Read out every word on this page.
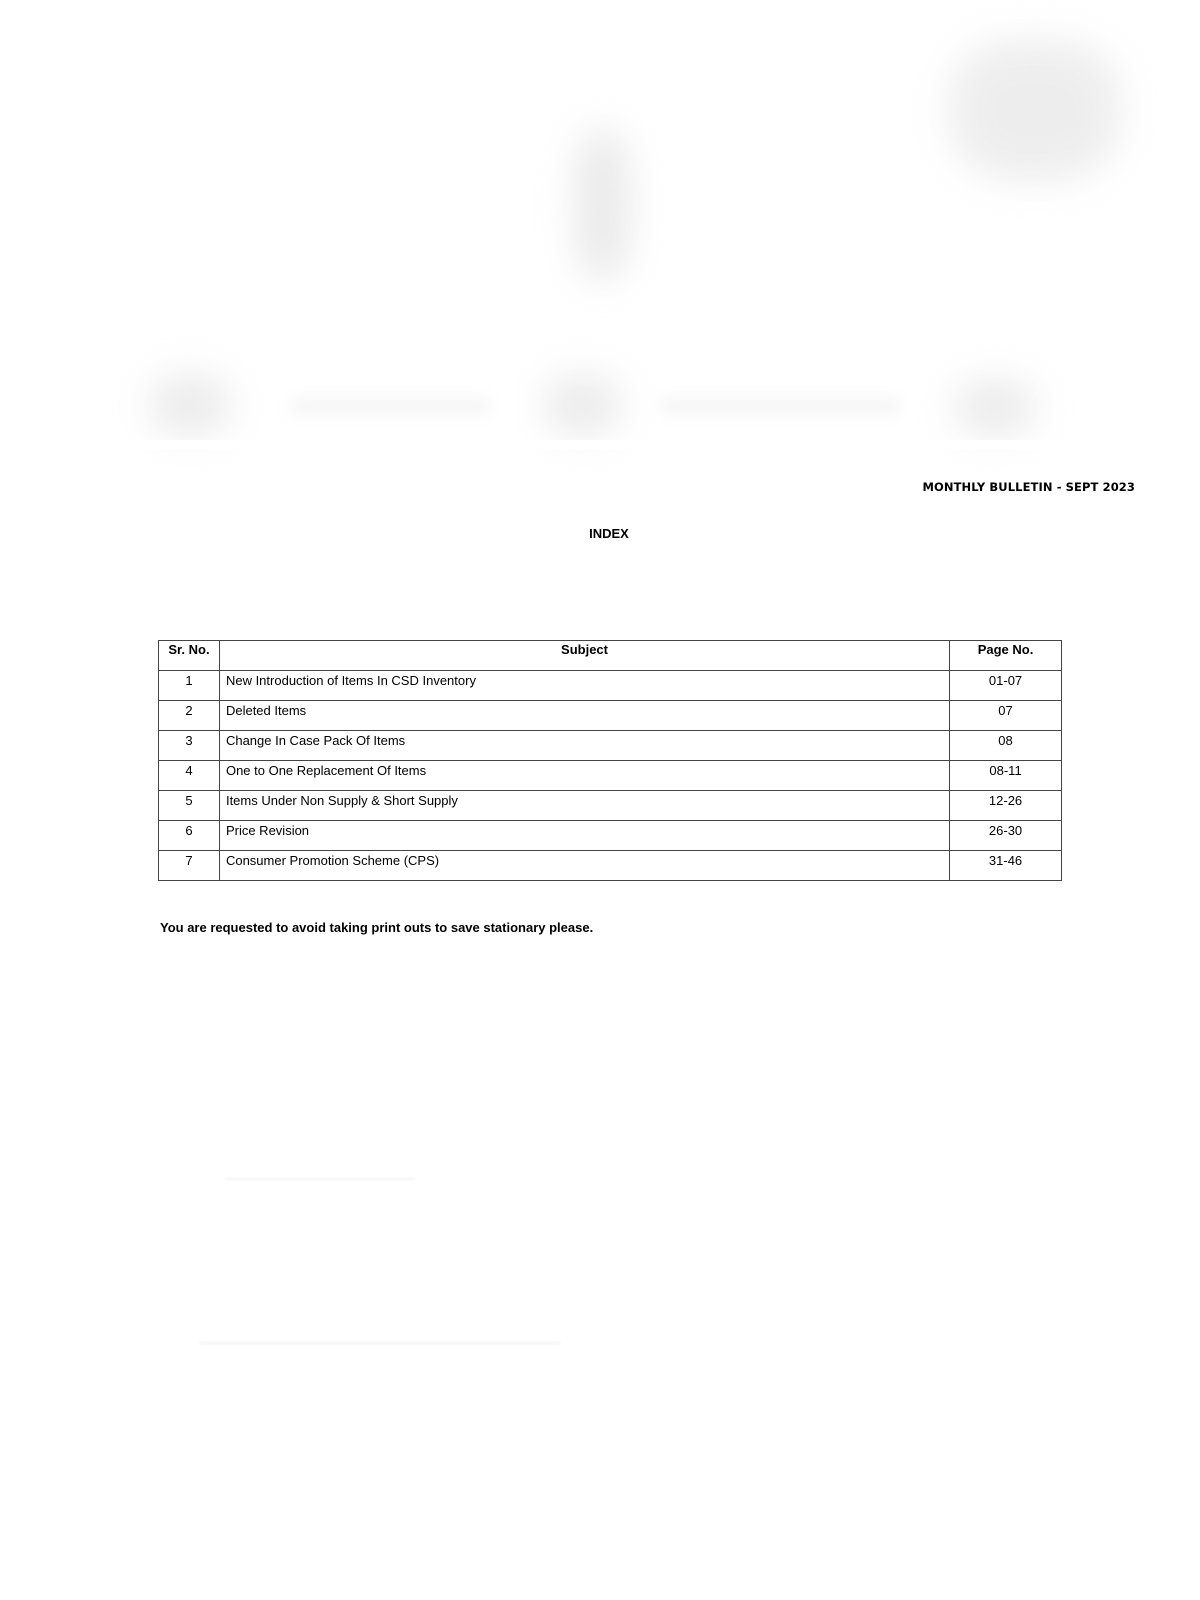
MONTHLY BULLETIN - SEPT 2023
INDEX
Sr. No.	Subject	Page No.
1	New Introduction of Items In CSD Inventory	01-07
2	Deleted Items	07
3	Change In Case Pack Of Items	08
4	One to One Replacement Of Items	08-11
5	Items Under Non Supply & Short Supply	12-26
6	Price Revision	26-30
7	Consumer Promotion Scheme (CPS)	31-46
You are requested to avoid taking print outs to save stationary please.
